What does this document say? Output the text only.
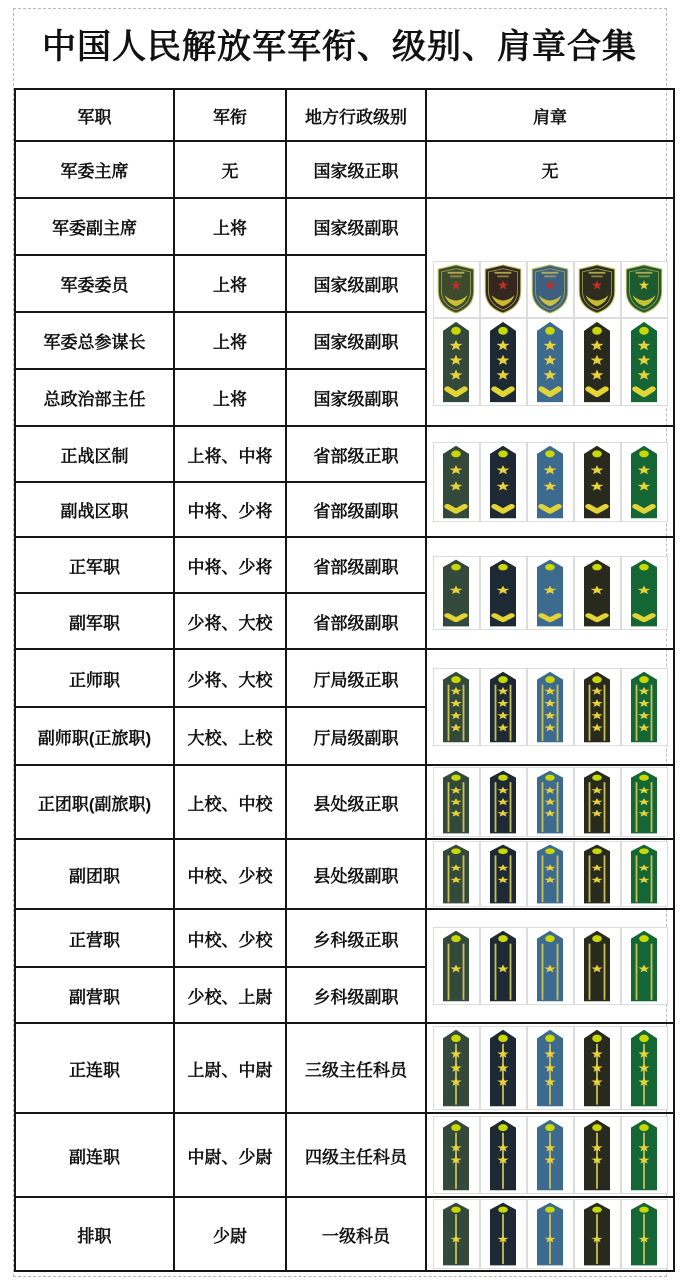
中国人民解放军军衔、级别、肩章合集
军职	军衔	地方行政级别	肩章
军委主席	无	国家级正职	无
军委副主席	上将	国家级副职	

军委委员	上将	国家级副职	
军委总参谋长	上将	国家级副职	
总政治部主任	上将	国家级副职	
正战区制	上将、中将	省部级正职	

副战区职	中将、少将	省部级副职	
正军职	中将、少将	省部级副职	

副军职	少将、大校	省部级副职	
正师职	少将、大校	厅局级正职	

副师职(正旅职)	大校、上校	厅局级副职	
正团职(副旅职)	上校、中校	县处级正职	

副团职	中校、少校	县处级副职	

正营职	中校、少校	乡科级正职	

副营职	少校、上尉	乡科级副职	
正连职	上尉、中尉	三级主任科员	

副连职	中尉、少尉	四级主任科员	

排职	少尉	一级科员	
